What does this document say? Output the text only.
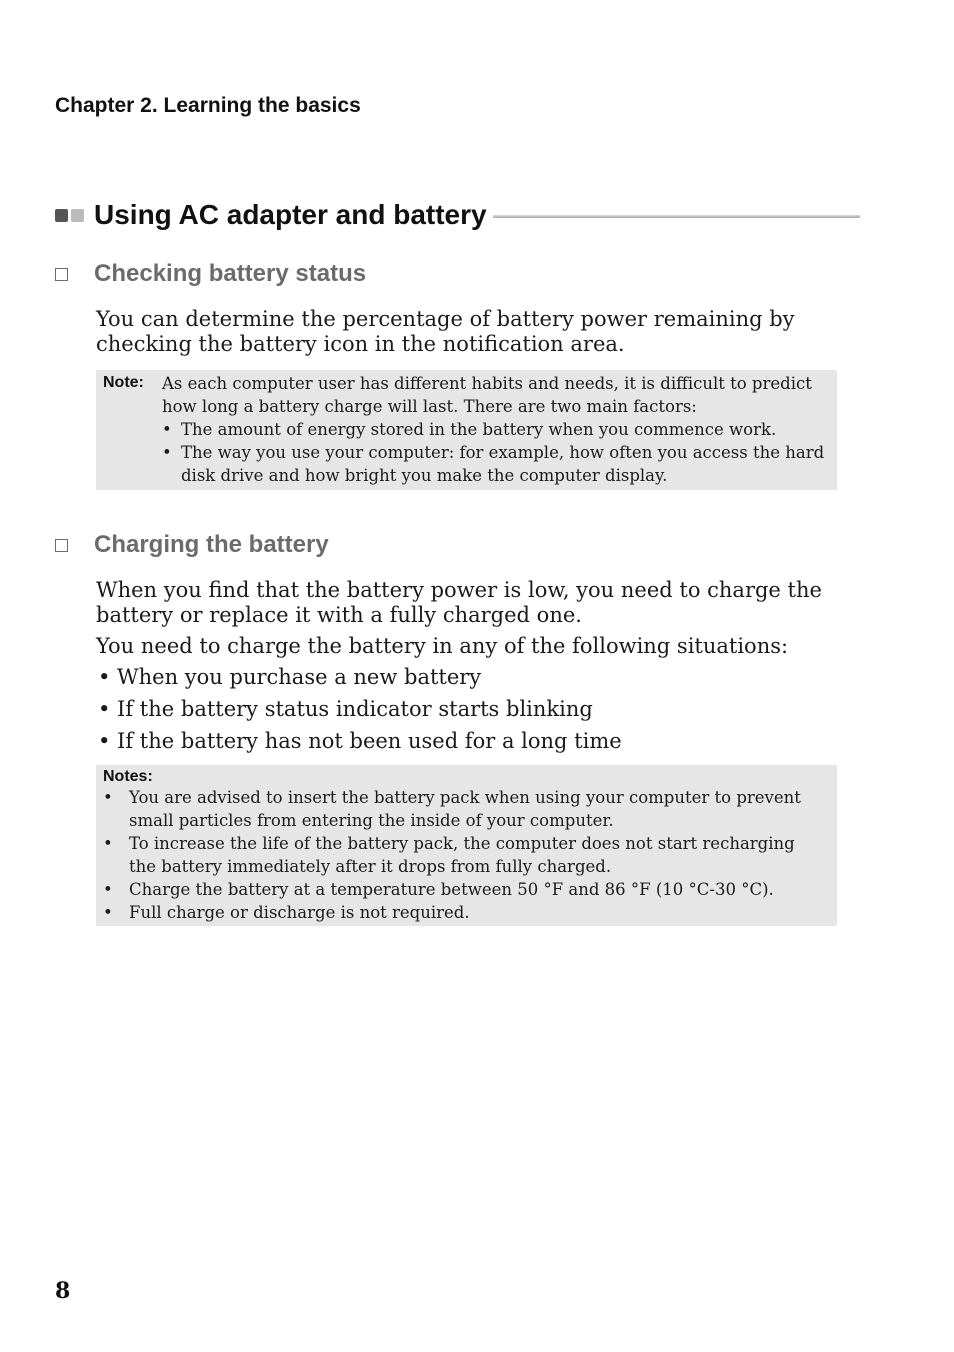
Chapter 2. Learning the basics
Using AC adapter and battery
Checking battery status
You can determine the percentage of battery power remaining by checking the battery icon in the notification area.
Note:	As each computer user has different habits and needs, it is difficult to predict how long a battery charge will last. There are two main factors:
• The amount of energy stored in the battery when you commence work.
• The way you use your computer: for example, how often you access the hard disk drive and how bright you make the computer display.
Charging the battery
When you find that the battery power is low, you need to charge the battery or replace it with a fully charged one.
You need to charge the battery in any of the following situations:
• When you purchase a new battery
• If the battery status indicator starts blinking
• If the battery has not been used for a long time
Notes:
• You are advised to insert the battery pack when using your computer to prevent small particles from entering the inside of your computer.
• To increase the life of the battery pack, the computer does not start recharging the battery immediately after it drops from fully charged.
• Charge the battery at a temperature between 50 °F and 86 °F (10 °C-30 °C).
• Full charge or discharge is not required.
8
